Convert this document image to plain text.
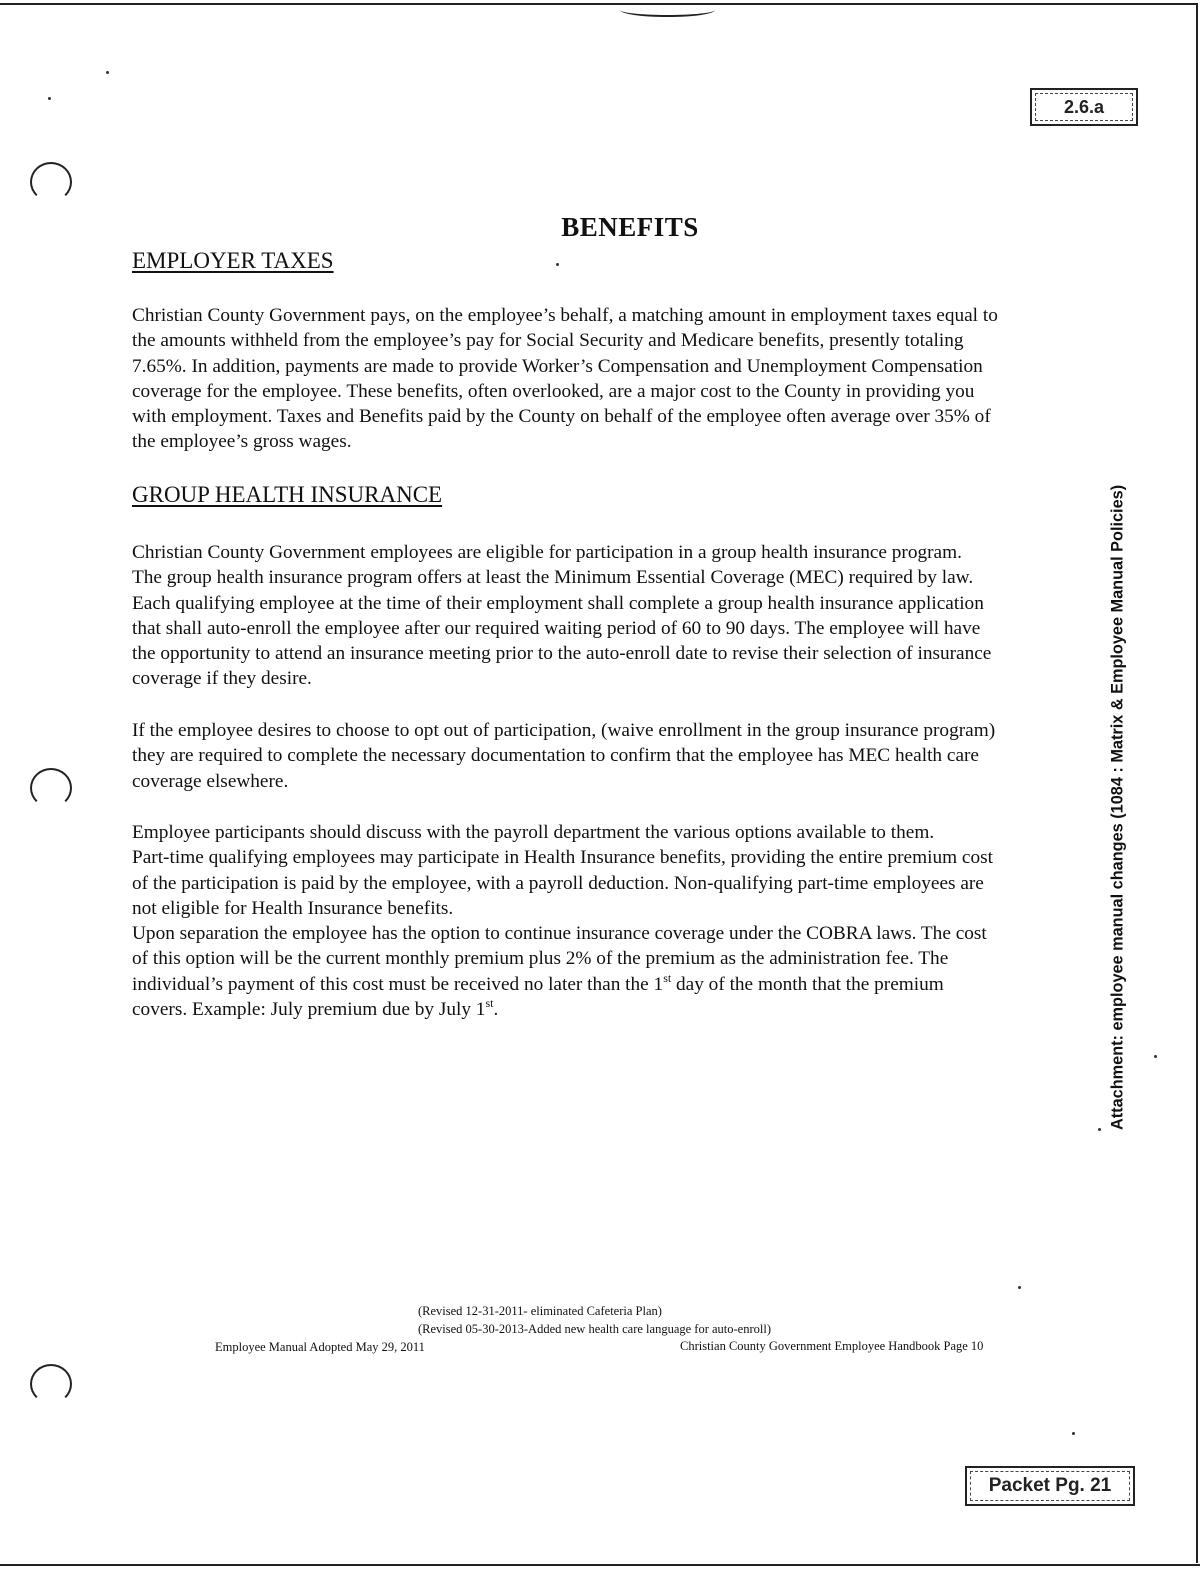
2.6.a
BENEFITS
EMPLOYER TAXES

Christian County Government pays, on the employee’s behalf, a matching amount in employment taxes equal to

the amounts withheld from the employee’s pay for Social Security and Medicare benefits, presently totaling

7.65%. In addition, payments are made to provide Worker’s Compensation and Unemployment Compensation

coverage for the employee. These benefits, often overlooked, are a major cost to the County in providing you

with employment. Taxes and Benefits paid by the County on behalf of the employee often average over 35% of

the employee’s gross wages.

GROUP HEALTH INSURANCE

Christian County Government employees are eligible for participation in a group health insurance program.

The group health insurance program offers at least the Minimum Essential Coverage (MEC) required by law.

Each qualifying employee at the time of their employment shall complete a group health insurance application

that shall auto-enroll the employee after our required waiting period of 60 to 90 days. The employee will have

the opportunity to attend an insurance meeting prior to the auto-enroll date to revise their selection of insurance

coverage if they desire.

If the employee desires to choose to opt out of participation, (waive enrollment in the group insurance program)

they are required to complete the necessary documentation to confirm that the employee has MEC health care

coverage elsewhere.

Employee participants should discuss with the payroll department the various options available to them.

Part-time qualifying employees may participate in Health Insurance benefits, providing the entire premium cost

of the participation is paid by the employee, with a payroll deduction. Non-qualifying part-time employees are

not eligible for Health Insurance benefits.

Upon separation the employee has the option to continue insurance coverage under the COBRA laws. The cost

of this option will be the current monthly premium plus 2% of the premium as the administration fee. The

individual’s payment of this cost must be received no later than the 1st day of the month that the premium

covers. Example: July premium due by July 1st.	Attachment: employee manual changes (1084 : Matrix & Employee Manual Policies)
(Revised 12-31-2011- eliminated Cafeteria Plan)
(Revised 05-30-2013-Added new health care language for auto-enroll)
Employee Manual Adopted May 29, 2011	Christian County Government Employee Handbook Page 10
Packet Pg. 21
